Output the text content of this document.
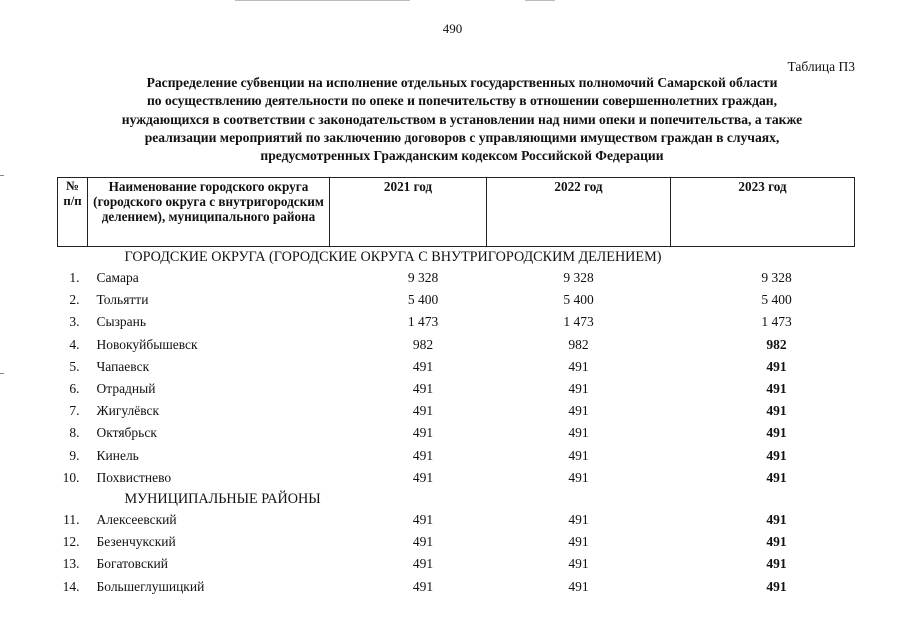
490
Таблица П3
Распределение субвенции на исполнение отдельных государственных полномочий Самарской области
по осуществлению деятельности по опеке и попечительству в отношении совершеннолетних граждан,
нуждающихся в соответствии с законодательством в установлении над ними опеки и попечительства, а также
реализации мероприятий по заключению договоров с управляющими имуществом граждан в случаях,
предусмотренных Гражданским кодексом Российской Федерации
№ п/п	Наименование городского округа (городского округа с внутригородским делением), муниципального района	2021 год	2022 год	2023 год
	ГОРОДСКИЕ ОКРУГА (ГОРОДСКИЕ ОКРУГА С ВНУТРИГОРОДСКИМ ДЕЛЕНИЕМ)			
1.	Самара	9 328	9 328	9 328
2.	Тольятти	5 400	5 400	5 400
3.	Сызрань	1 473	1 473	1 473
4.	Новокуйбышевск	982	982	982
5.	Чапаевск	491	491	491
6.	Отрадный	491	491	491
7.	Жигулёвск	491	491	491
8.	Октябрьск	491	491	491
9.	Кинель	491	491	491
10.	Похвистнево	491	491	491
	МУНИЦИПАЛЬНЫЕ РАЙОНЫ			
11.	Алексеевский	491	491	491
12.	Безенчукский	491	491	491
13.	Богатовский	491	491	491
14.	Большеглушицкий	491	491	491
